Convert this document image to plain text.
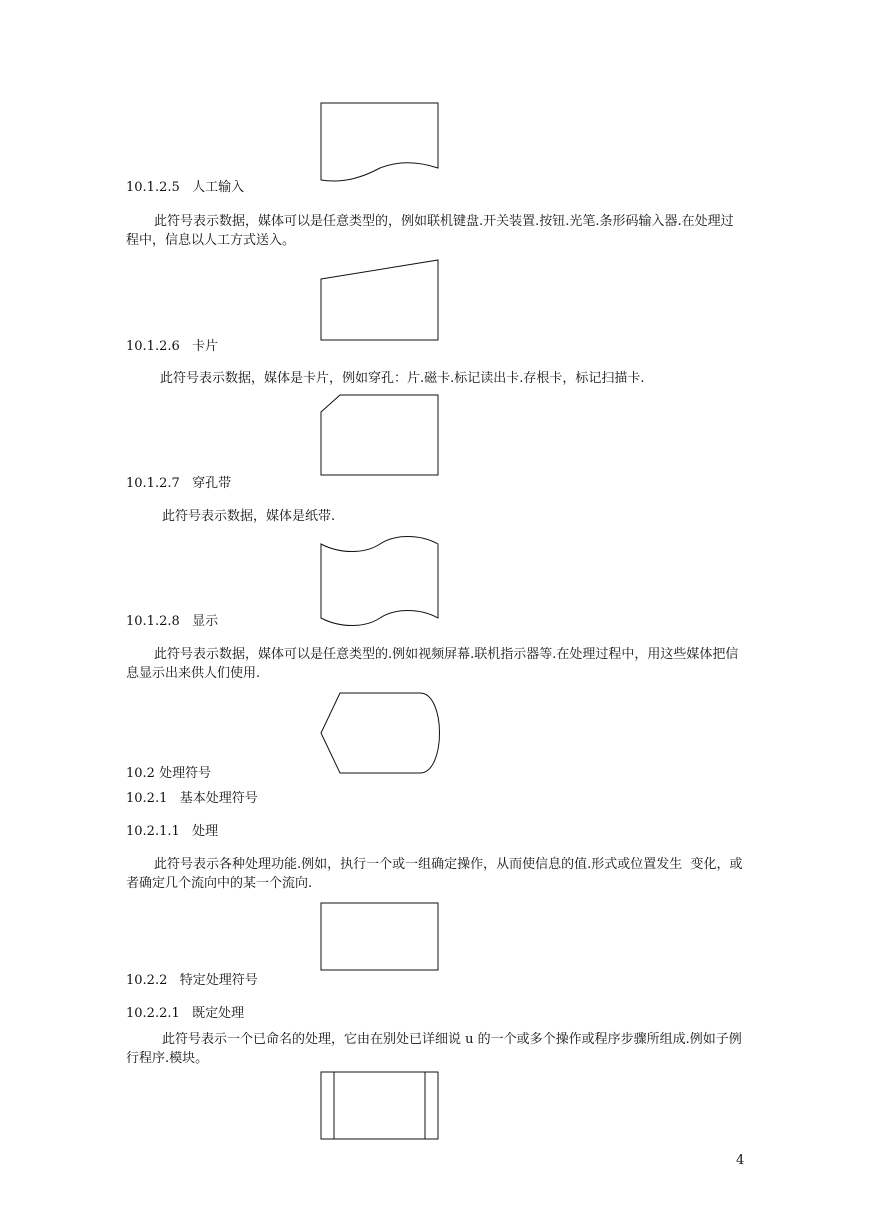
10.1.2.5 人工输入
此符号表示数据，媒体可以是任意类型的，例如联机键盘.开关装置.按钮.光笔.条形码输入器.在处理过程中，信息以人工方式送入。
10.1.2.6 卡片
此符号表示数据，媒体是卡片，例如穿孔：片.磁卡.标记读出卡.存根卡，标记扫描卡.
10.1.2.7 穿孔带
此符号表示数据，媒体是纸带.
10.1.2.8 显示
此符号表示数据，媒体可以是任意类型的.例如视频屏幕.联机指示器等.在处理过程中，用这些媒体把信息显示出来供人们使用.
10.2 处理符号
10.2.1 基本处理符号
10.2.1.1 处理
此符号表示各种处理功能.例如，执行一个或一组确定操作，从而使信息的值.形式或位置发生  变化，或者确定几个流向中的某一个流向.
10.2.2 特定处理符号
10.2.2.1 既定处理
此符号表示一个已命名的处理，它由在别处已详细说 u 的一个或多个操作或程序步骤所组成.例如子例行程序.模块。
4
